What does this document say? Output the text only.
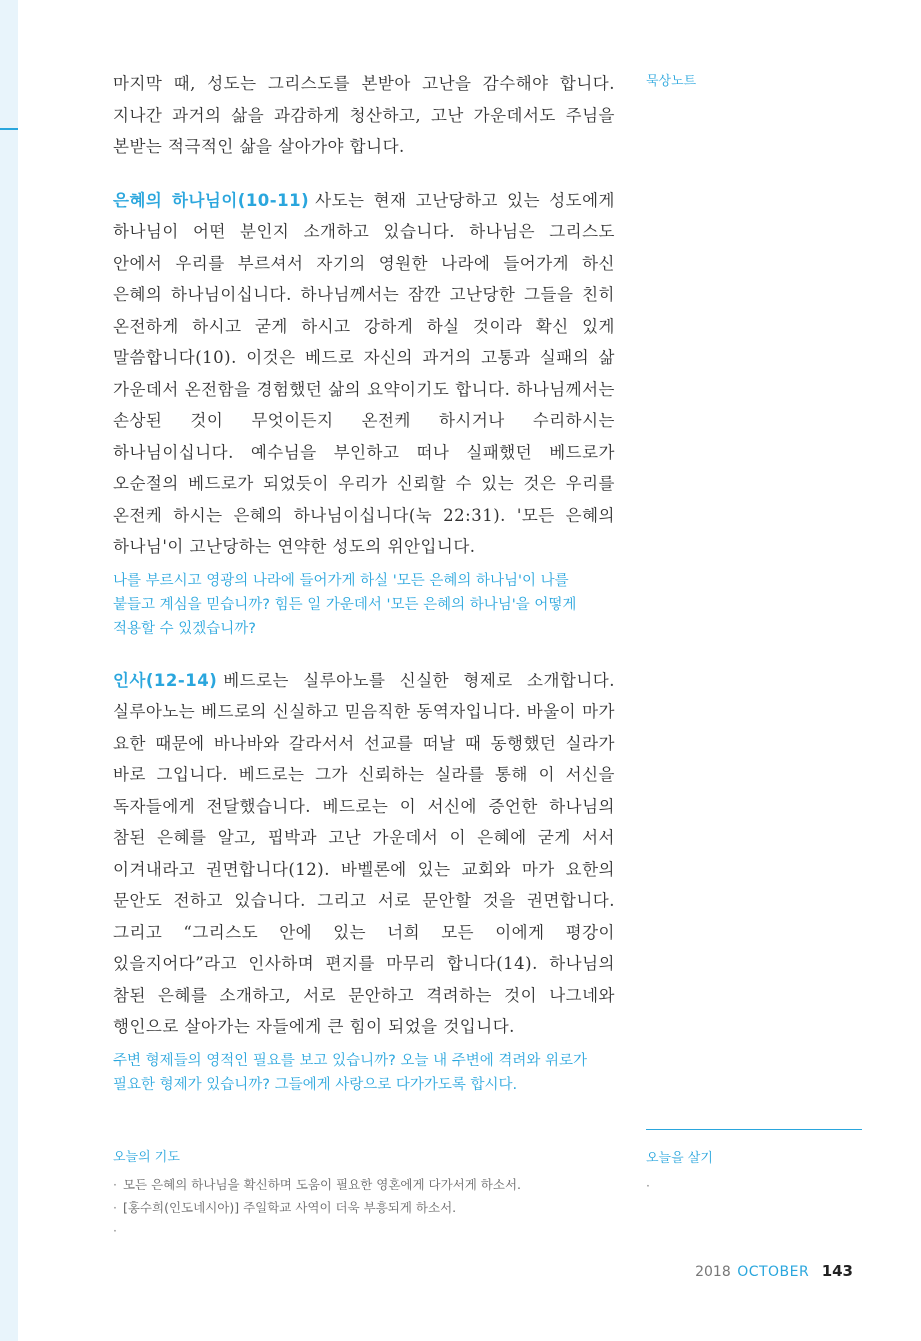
묵상노트

마지막 때, 성도는 그리스도를 본받아 고난을 감수해야 합니다. 지나간 과거의 삶을 과감하게 청산하고, 고난 가운데서도 주님을 본받는 적극적인 삶을 살아가야 합니다.

은혜의 하나님이(10-11) 사도는 현재 고난당하고 있는 성도에게 하나님이 어떤 분인지 소개하고 있습니다. 하나님은 그리스도 안에서 우리를 부르셔서 자기의 영원한 나라에 들어가게 하신 은혜의 하나님이십니다. 하나님께서는 잠깐 고난당한 그들을 친히 온전하게 하시고 굳게 하시고 강하게 하실 것이라 확신 있게 말씀합니다(10). 이것은 베드로 자신의 과거의 고통과 실패의 삶 가운데서 온전함을 경험했던 삶의 요약이기도 합니다. 하나님께서는 손상된 것이 무엇이든지 온전케 하시거나 수리하시는 하나님이십니다. 예수님을 부인하고 떠나 실패했던 베드로가 오순절의 베드로가 되었듯이 우리가 신뢰할 수 있는 것은 우리를 온전케 하시는 은혜의 하나님이십니다(눅 22:31). '모든 은혜의 하나님'이 고난당하는 연약한 성도의 위안입니다.

나를 부르시고 영광의 나라에 들어가게 하실 '모든 은혜의 하나님'이 나를 붙들고 계심을 믿습니까? 힘든 일 가운데서 '모든 은혜의 하나님'을 어떻게 적용할 수 있겠습니까?

인사(12-14) 베드로는 실루아노를 신실한 형제로 소개합니다. 실루아노는 베드로의 신실하고 믿음직한 동역자입니다. 바울이 마가 요한 때문에 바나바와 갈라서서 선교를 떠날 때 동행했던 실라가 바로 그입니다. 베드로는 그가 신뢰하는 실라를 통해 이 서신을 독자들에게 전달했습니다. 베드로는 이 서신에 증언한 하나님의 참된 은혜를 알고, 핍박과 고난 가운데서 이 은혜에 굳게 서서 이겨내라고 권면합니다(12). 바벨론에 있는 교회와 마가 요한의 문안도 전하고 있습니다. 그리고 서로 문안할 것을 권면합니다. 그리고 “그리스도 안에 있는 너희 모든 이에게 평강이 있을지어다”라고 인사하며 편지를 마무리 합니다(14). 하나님의 참된 은혜를 소개하고, 서로 문안하고 격려하는 것이 나그네와 행인으로 살아가는 자들에게 큰 힘이 되었을 것입니다.

주변 형제들의 영적인 필요를 보고 있습니까? 오늘 내 주변에 격려와 위로가 필요한 형제가 있습니까? 그들에게 사랑으로 다가가도록 합시다.

오늘의 기도
· 모든 은혜의 하나님을 확신하며 도움이 필요한 영혼에게 다가서게 하소서.
· [홍수희(인도네시아)] 주일학교 사역이 더욱 부흥되게 하소서.
·
오늘을 살기
·
2018 OCTOBER 143
